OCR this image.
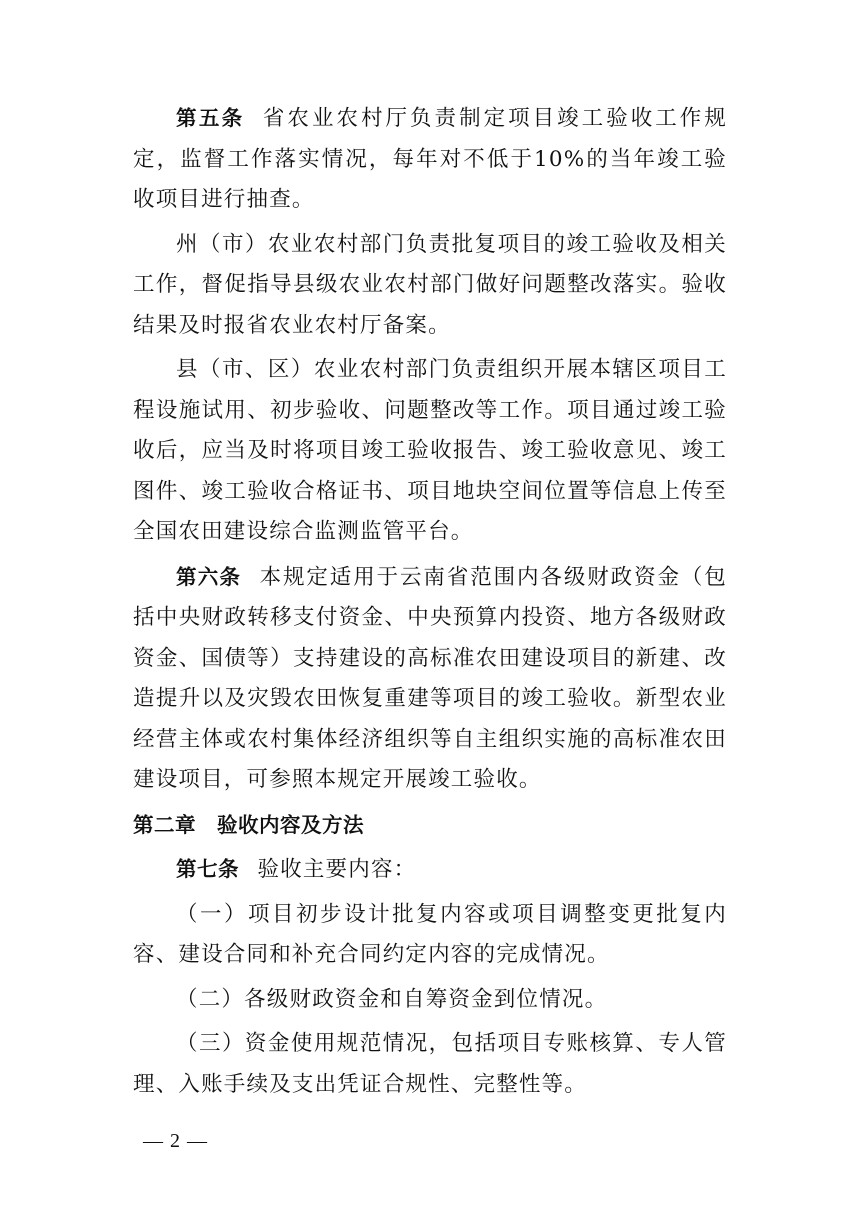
第五条 省农业农村厅负责制定项目竣工验收工作规定，监督工作落实情况，每年对不低于10%的当年竣工验收项目进行抽查。

州（市）农业农村部门负责批复项目的竣工验收及相关工作，督促指导县级农业农村部门做好问题整改落实。验收结果及时报省农业农村厅备案。

县（市、区）农业农村部门负责组织开展本辖区项目工程设施试用、初步验收、问题整改等工作。项目通过竣工验收后，应当及时将项目竣工验收报告、竣工验收意见、竣工图件、竣工验收合格证书、项目地块空间位置等信息上传至全国农田建设综合监测监管平台。

第六条 本规定适用于云南省范围内各级财政资金（包括中央财政转移支付资金、中央预算内投资、地方各级财政资金、国债等）支持建设的高标准农田建设项目的新建、改造提升以及灾毁农田恢复重建等项目的竣工验收。新型农业经营主体或农村集体经济组织等自主组织实施的高标准农田建设项目，可参照本规定开展竣工验收。

第二章　验收内容及方法

第七条 验收主要内容：

（一）项目初步设计批复内容或项目调整变更批复内容、建设合同和补充合同约定内容的完成情况。

（二）各级财政资金和自筹资金到位情况。

（三）资金使用规范情况，包括项目专账核算、专人管理、入账手续及支出凭证合规性、完整性等。

— 2 —
